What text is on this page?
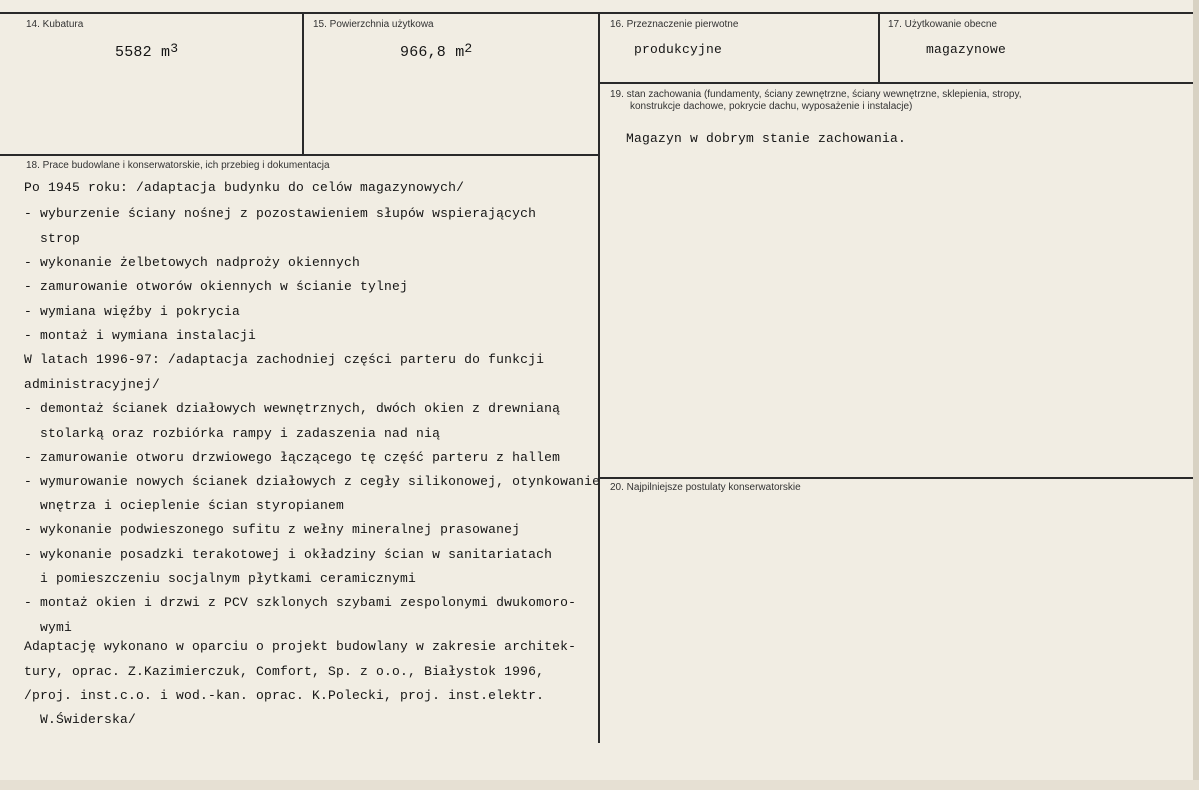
14. Kubatura
5582 $m^3$
15. Powierzchnia użytkowa
966,8 $m^2$
16. Przeznaczenie pierwotne
produkcyjne
17. Użytkowanie obecne
magazynowe
19. stan zachowania (fundamenty, ściany zewnętrzne, ściany wewnętrzne, sklepienia, stropy,
konstrukcje dachowe, pokrycie dachu, wyposażenie i instalacje)
Magazyn w dobrym stanie zachowania.
20. Najpilniejsze postulaty konserwatorskie
18. Prace budowlane i konserwatorskie, ich przebieg i dokumentacja
Po 1945 roku: /adaptacja budynku do celów magazynowych/
- wyburzenie ściany nośnej z pozostawieniem słupów wspierających
strop
- wykonanie żelbetowych nadproży okiennych
- zamurowanie otworów okiennych w ścianie tylnej
- wymiana więźby i pokrycia
- montaż i wymiana instalacji
W latach 1996-97: /adaptacja zachodniej części parteru do funkcji
administracyjnej/
- demontaż ścianek działowych wewnętrznych, dwóch okien z drewnianą
stolarką oraz rozbiórka rampy i zadaszenia nad nią
- zamurowanie otworu drzwiowego łączącego tę część parteru z hallem
- wymurowanie nowych ścianek działowych z cegły silikonowej, otynkowanie
wnętrza i ocieplenie ścian styropianem
- wykonanie podwieszonego sufitu z wełny mineralnej prasowanej
- wykonanie posadzki terakotowej i okładziny ścian w sanitariatach
i pomieszczeniu socjalnym płytkami ceramicznymi
- montaż okien i drzwi z PCV szklonych szybami zespolonymi dwukomoro-
wymi
Adaptację wykonano w oparciu o projekt budowlany w zakresie architek-
tury, oprac. Z.Kazimierczuk, Comfort, Sp. z o.o., Białystok 1996,
/proj. inst.c.o. i wod.-kan. oprac. K.Polecki, proj. inst.elektr.
W.Świderska/
